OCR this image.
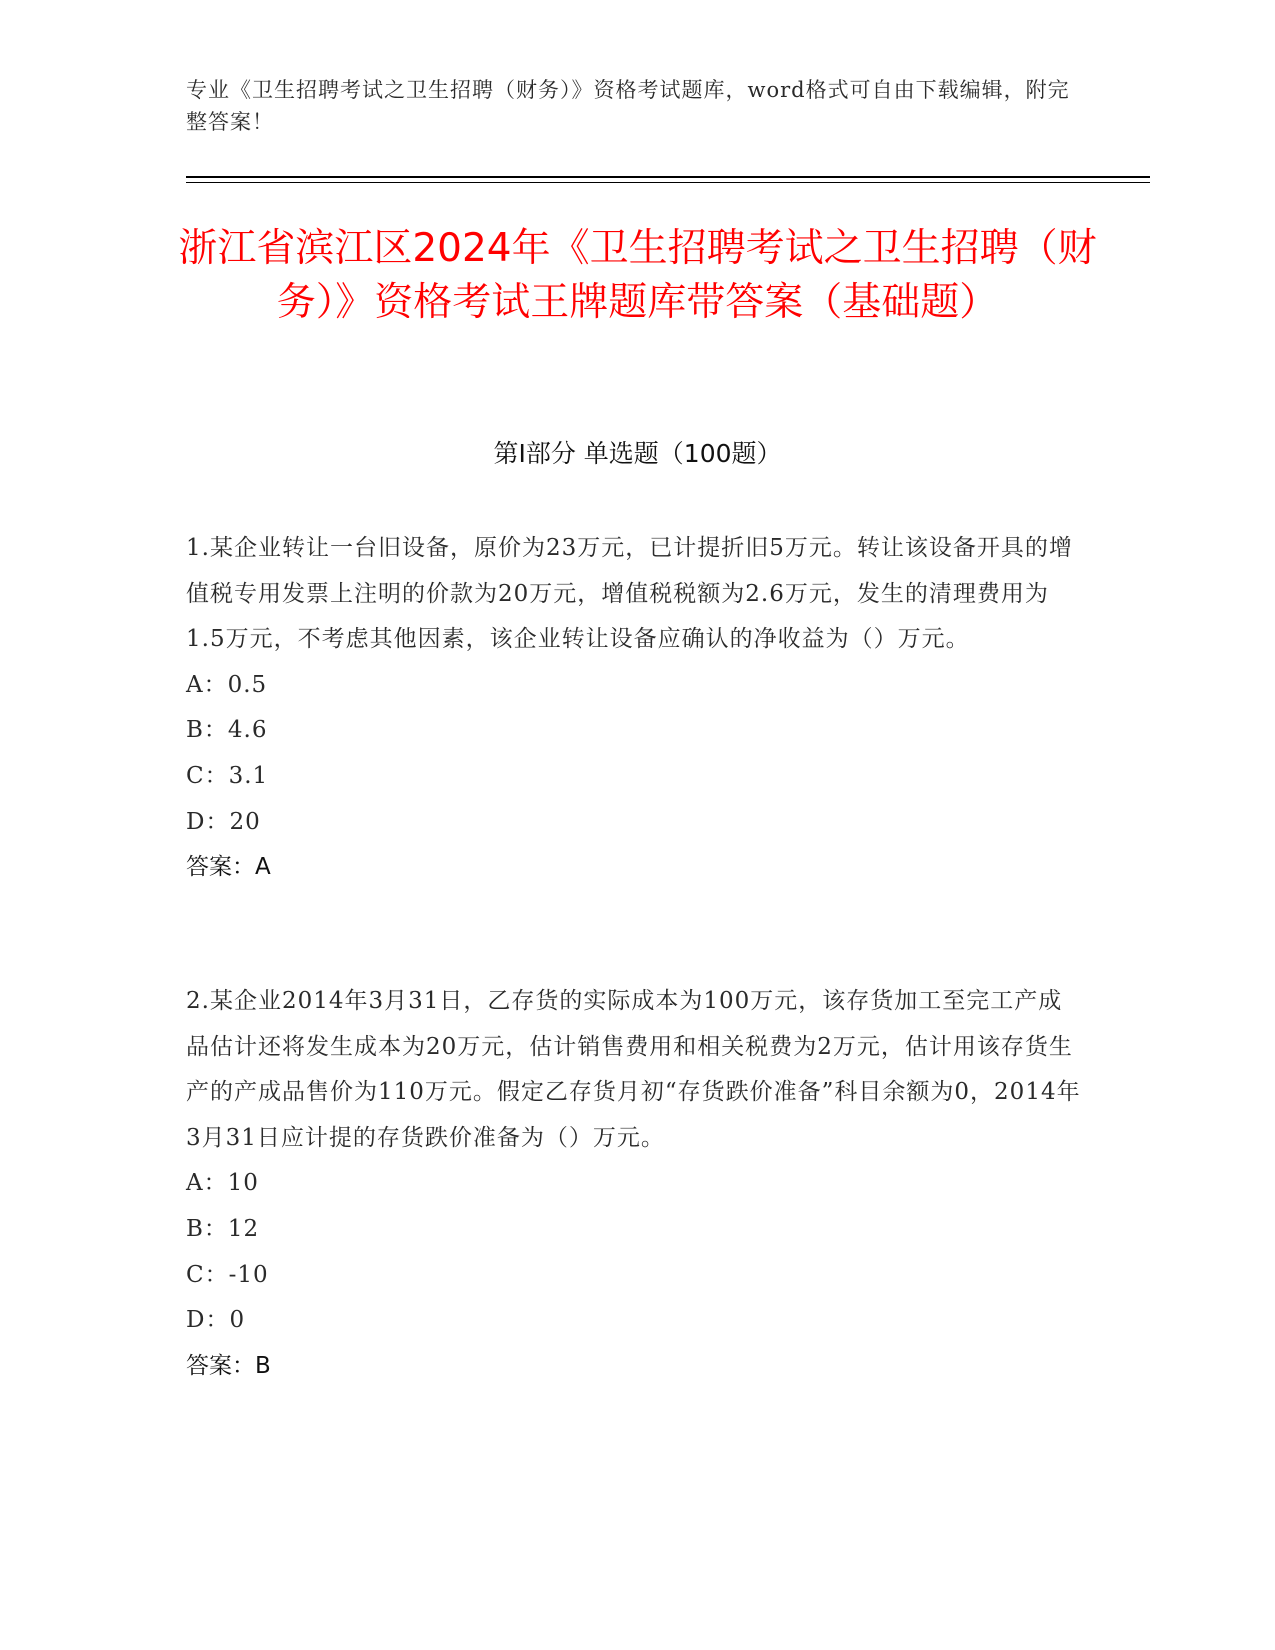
专业《卫生招聘考试之卫生招聘（财务）》资格考试题库，word格式可自由下载编辑，附完整答案！
浙江省滨江区2024年《卫生招聘考试之卫生招聘（财务）》资格考试王牌题库带答案（基础题）
第I部分 单选题（100题）

1.某企业转让一台旧设备，原价为23万元，已计提折旧5万元。转让该设备开具的增值税专用发票上注明的价款为20万元，增值税税额为2.6万元，发生的清理费用为1.5万元，不考虑其他因素，该企业转让设备应确认的净收益为（）万元。

A：0.5
B：4.6
C：3.1
D：20
答案：A

2.某企业2014年3月31日，乙存货的实际成本为100万元，该存货加工至完工产成品估计还将发生成本为20万元，估计销售费用和相关税费为2万元，估计用该存货生产的产成品售价为110万元。假定乙存货月初“存货跌价准备”科目余额为0，2014年3月31日应计提的存货跌价准备为（）万元。

A：10
B：12
C：-10
D：0
答案：B
